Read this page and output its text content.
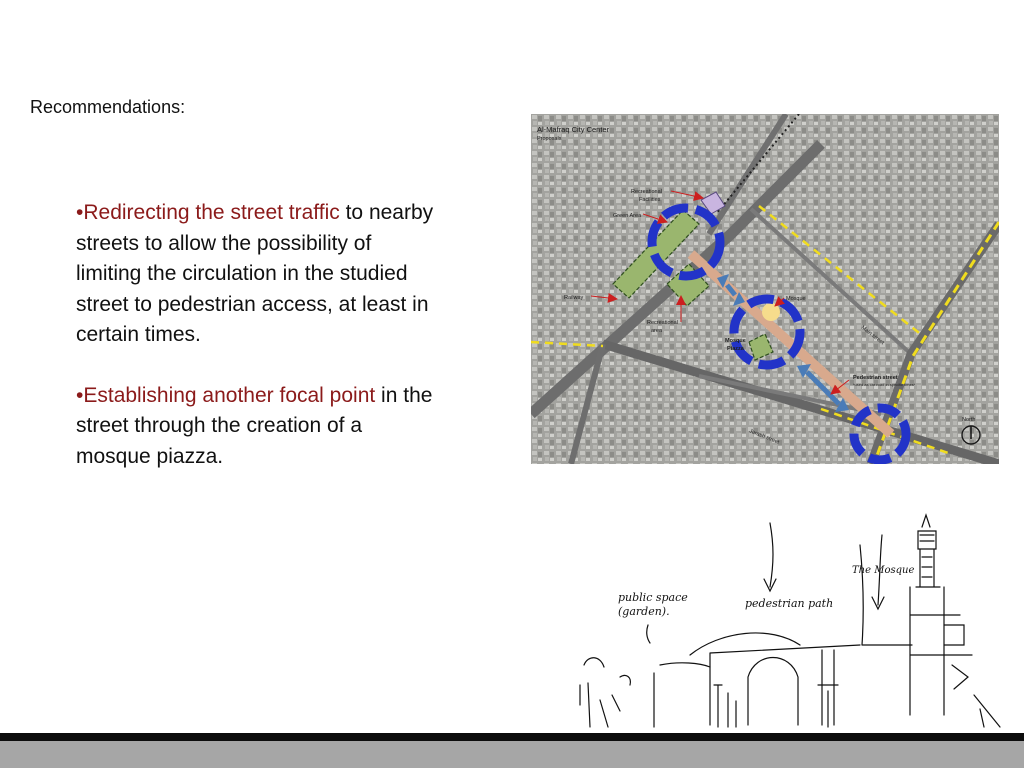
Recommendations:

•Redirecting the street traffic to nearby streets to allow the possibility of limiting the circulation in the studied street to pedestrian access, at least in certain times.

•Establishing another focal point in the street through the creation of a mosque piazza.

Al-Mafraq City Center
Proposals
Recreational
Facilities
Green Area
Railway
Recreational
area
Mosque
Mosque
Piazza
Main street
Pedestrian street
*used as car road in specific times*
Jarash street
North
public space
(garden).
pedestrian path
The Mosque
